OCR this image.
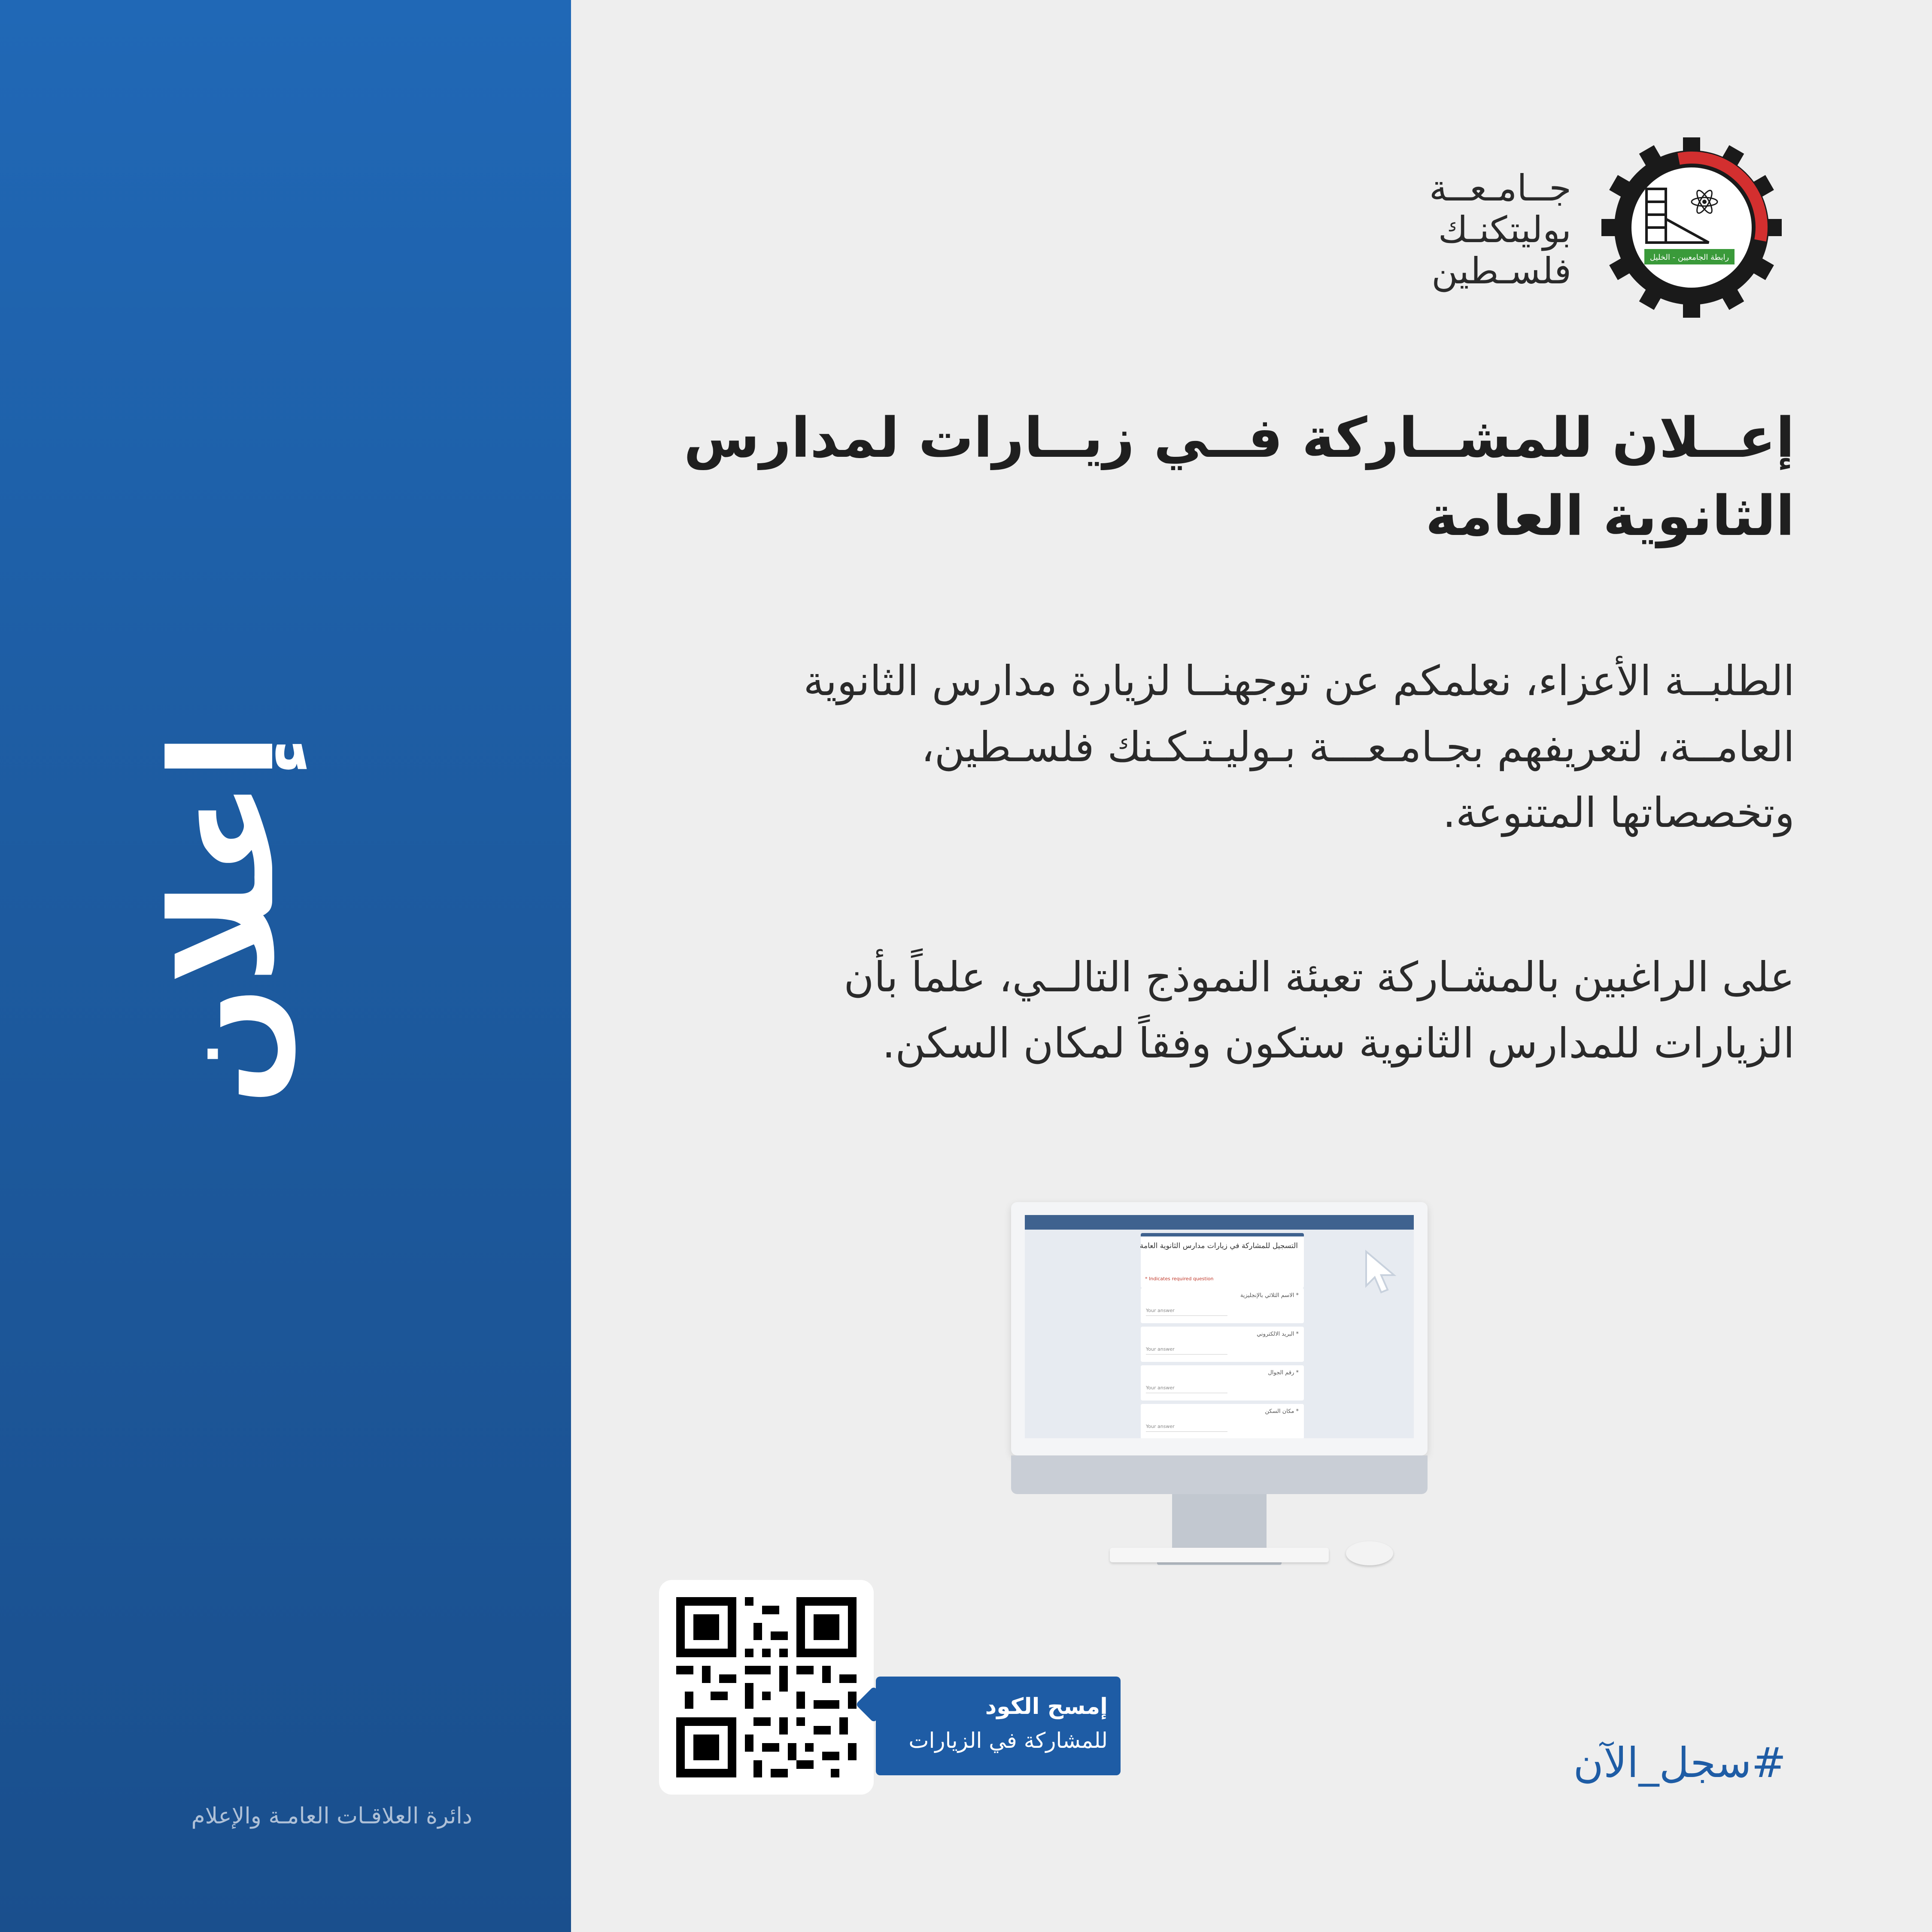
إعلان
دائرة العلاقـات العامـة والإعلام
رابطة الجامعيين - الخليل
جــامـعــة
بوليتكنـك
فلسـطين
إعــلان للمشــاركة فــي زيــارات لمدارس
الثانوية العامة
الطلبــة الأعزاء، نعلمكم عن توجهنــا لزيارة مدارس الثانوية
العامــة، لتعريفهم بجـامـعـــة بـوليـتـكـنك فلسـطين،
وتخصصاتها المتنوعة.
على الراغبين بالمشـاركة تعبئة النموذج التالــي، علماً بأن
الزيارات للمدارس الثانوية ستكون وفقاً لمكان السكن.
التسجيل للمشاركة في زيارات مدارس الثانوية العامة
* Indicates required question
* الاسم الثلاثي بالإنجليزية
Your answer
* البريد الالكتروني
Your answer
* رقم الجوال
Your answer
* مكان السكن
Your answer
إمسح الكود
للمشاركة في الزيارات	#سجل_الآن
